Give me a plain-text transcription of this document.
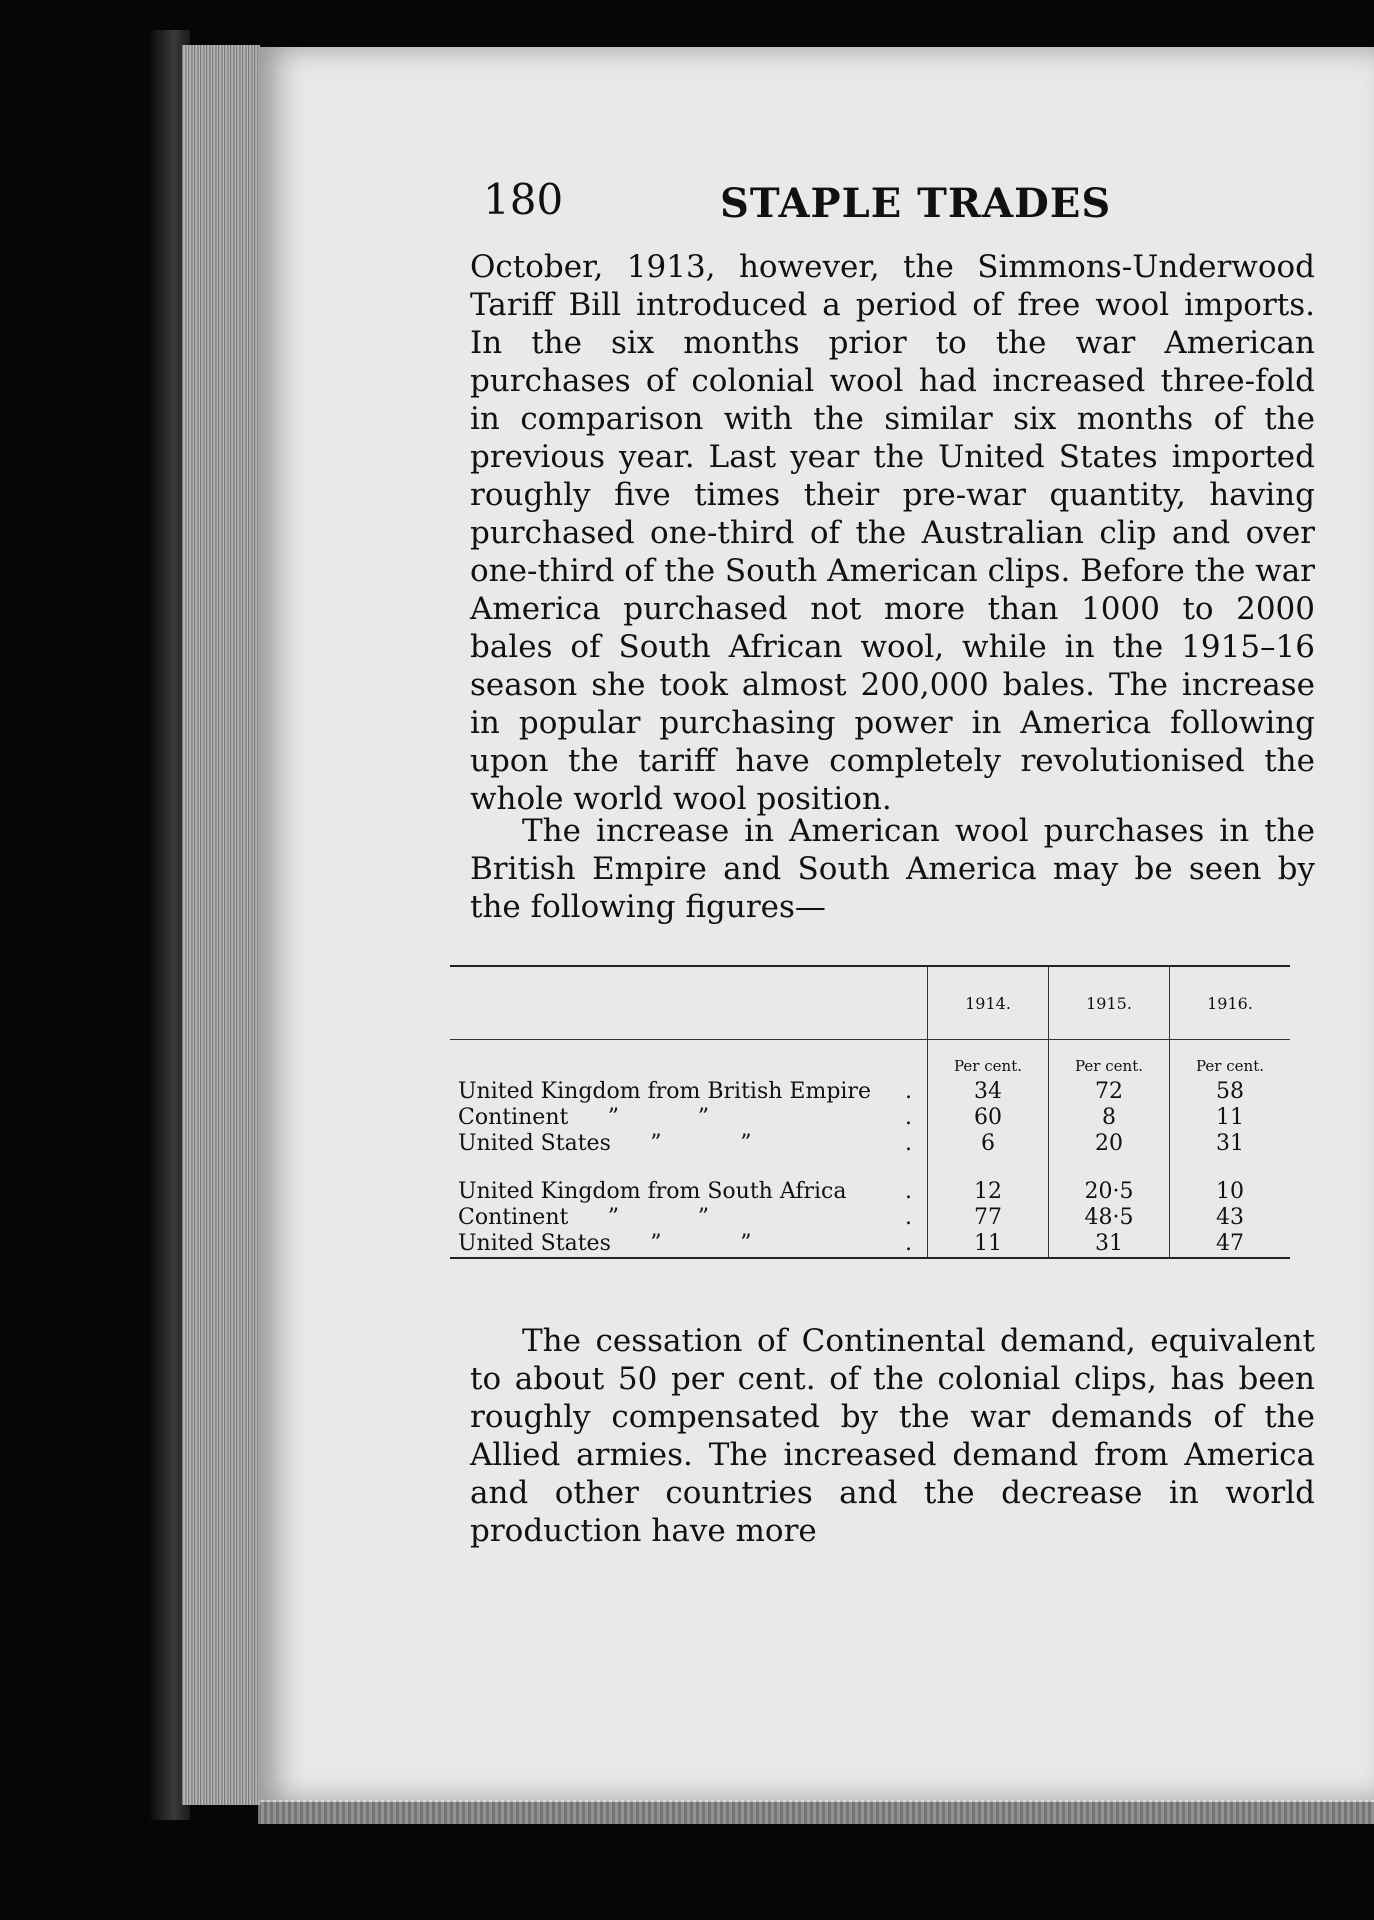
180	STAPLE TRADES

October, 1913, however, the Simmons-Underwood Tariff Bill introduced a period of free wool imports. In the six months prior to the war American purchases of colonial wool had increased three-fold in comparison with the similar six months of the previous year. Last year the United States imported roughly five times their pre-war quantity, having purchased one-third of the Australian clip and over one-third of the South American clips. Before the war America purchased not more than 1000 to 2000 bales of South African wool, while in the 1915–16 season she took almost 200,000 bales. The increase in popular purchasing power in America following upon the tariff have completely revolutionised the whole world wool position.

The increase in American wool purchases in the British Empire and South America may be seen by the following figures—

	1914.	1915.	1916.
	Per cent.	Per cent.	Per cent.
United Kingdom from British Empire .	34	72	58
Continent ” ” .	60	8	11
United States ” ” .	6	20	31

United Kingdom from South Africa .	12	20·5	10
Continent ” ” .	77	48·5	43
United States ” ” .	11	31	47

The cessation of Continental demand, equivalent to about 50 per cent. of the colonial clips, has been roughly compensated by the war demands of the Allied armies. The increased demand from America and other countries and the decrease in world production have more
